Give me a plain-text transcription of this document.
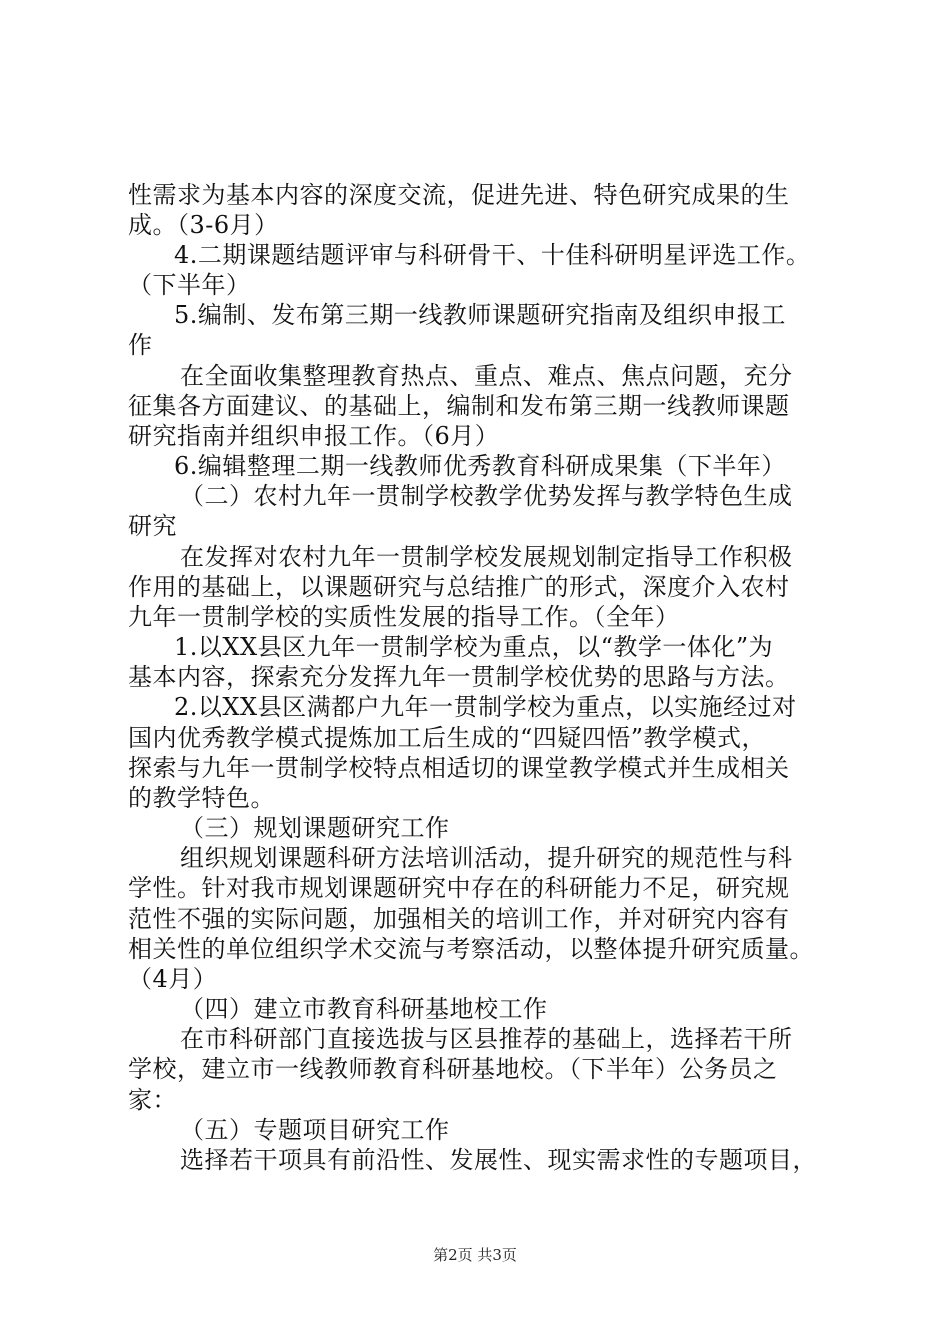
性需求为基本内容的深度交流，促进先进、特色研究成果的生
成。（3-6月）
4.二期课题结题评审与科研骨干、十佳科研明星评选工作。
（下半年）
5.编制、发布第三期一线教师课题研究指南及组织申报工
作
在全面收集整理教育热点、重点、难点、焦点问题，充分
征集各方面建议、的基础上，编制和发布第三期一线教师课题
研究指南并组织申报工作。（6月）
6.编辑整理二期一线教师优秀教育科研成果集（下半年）
（二）农村九年一贯制学校教学优势发挥与教学特色生成
研究
在发挥对农村九年一贯制学校发展规划制定指导工作积极
作用的基础上，以课题研究与总结推广的形式，深度介入农村
九年一贯制学校的实质性发展的指导工作。（全年）
1.以XX县区九年一贯制学校为重点，以“教学一体化”为
基本内容，探索充分发挥九年一贯制学校优势的思路与方法。
2.以XX县区满都户九年一贯制学校为重点，以实施经过对
国内优秀教学模式提炼加工后生成的“四疑四悟”教学模式，
探索与九年一贯制学校特点相适切的课堂教学模式并生成相关
的教学特色。
（三）规划课题研究工作
组织规划课题科研方法培训活动，提升研究的规范性与科
学性。针对我市规划课题研究中存在的科研能力不足，研究规
范性不强的实际问题，加强相关的培训工作，并对研究内容有
相关性的单位组织学术交流与考察活动，以整体提升研究质量。
（4月）
（四）建立市教育科研基地校工作
在市科研部门直接选拔与区县推荐的基础上，选择若干所
学校，建立市一线教师教育科研基地校。（下半年）公务员之
家：
（五）专题项目研究工作
选择若干项具有前沿性、发展性、现实需求性的专题项目，
第2页 共3页
